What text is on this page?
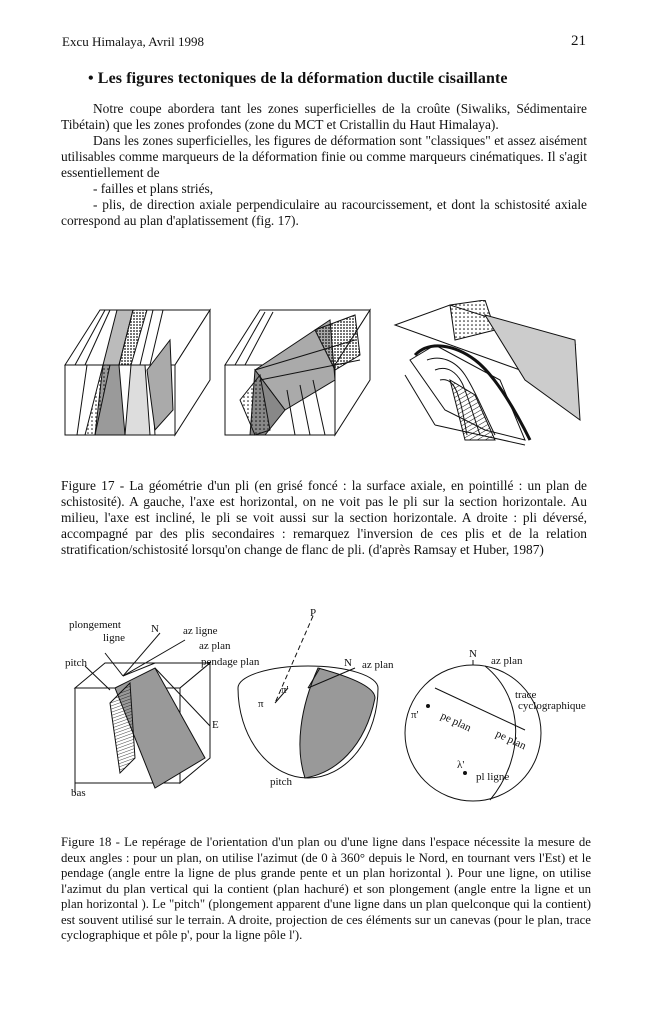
Excu Himalaya, Avril 1998	21
• Les figures tectoniques de la déformation ductile cisaillante

Notre coupe abordera tant les zones superficielles de la croûte (Siwaliks, Sédimentaire Tibétain) que les zones profondes (zone du MCT et Cristallin du Haut Himalaya).

Dans les zones superficielles, les figures de déformation sont "classiques" et assez aisément utilisables comme marqueurs de la déformation finie ou comme marqueurs cinématiques. Il s'agit essentiellement de

- failles et plans striés,

- plis, de direction axiale perpendiculaire au racourcissement, et dont la schistosité axiale correspond au plan d'aplatissement (fig. 17).

Figure 17 - La géométrie d'un pli (en grisé foncé : la surface axiale, en pointillé : un plan de schistosité). A gauche, l'axe est horizontal, on ne voit pas le pli sur la section horizontale. Au milieu, l'axe est incliné, le pli se voit aussi sur la section horizontale. A droite : pli déversé, accompagné par des plis secondaires : remarquez l'inversion de ces plis et de la relation stratification/schistosité lorsqu'on change de flanc de pli. (d'après Ramsay et Huber, 1987)
plongement
ligne
N az ligne
az plan
pitch	pendage plan
E
bas
P
π'
π
N az plan
pitch
N
az plan
trace
cyclographique
pe plan
pe plan
π'
λ'
pl ligne
Figure 18 - Le repérage de l'orientation d'un plan ou d'une ligne dans l'espace nécessite la mesure de deux angles : pour un plan, on utilise l'azimut (de 0 à 360° depuis le Nord, en tournant vers l'Est) et le pendage (angle entre la ligne de plus grande pente et un plan horizontal ). Pour une ligne, on utilise l'azimut du plan vertical qui la contient (plan hachuré) et son plongement (angle entre la ligne et un plan horizontal ). Le "pitch" (plongement apparent d'une ligne dans un plan quelconque qui la contient) est souvent utilisé sur le terrain. A droite, projection de ces éléments sur un canevas (pour le plan, trace cyclographique et pôle p', pour la ligne pôle l').
